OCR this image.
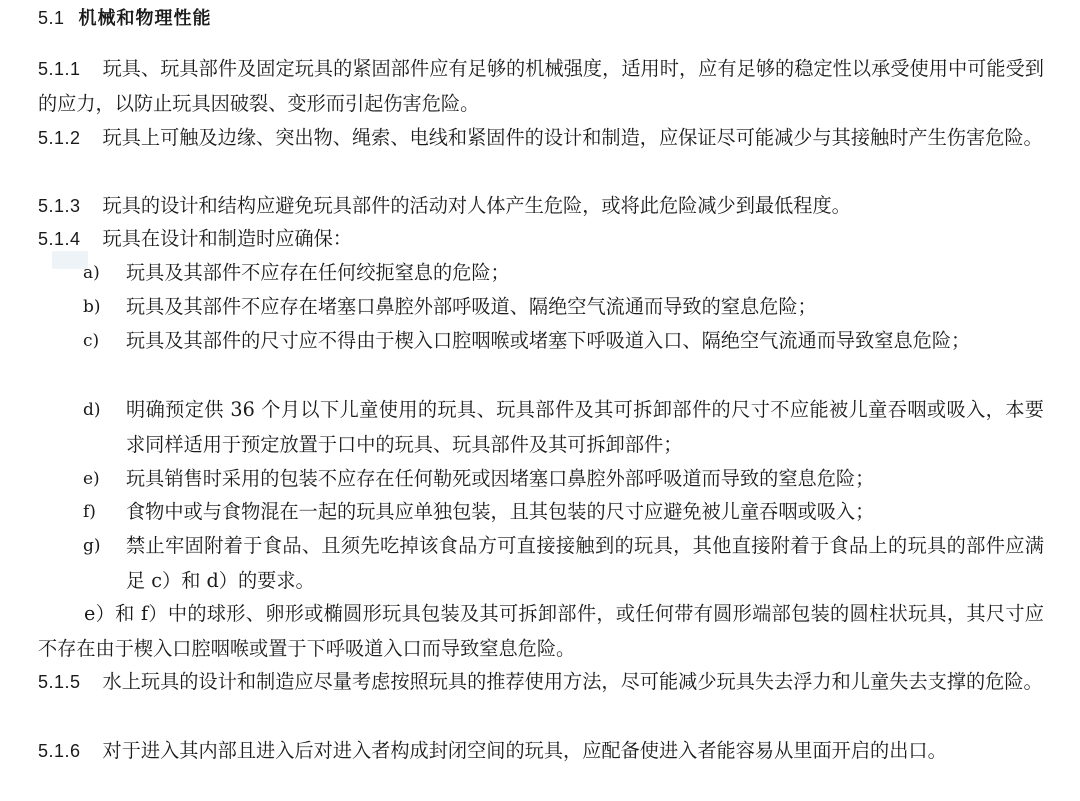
5.1 机械和物理性能
5.1.1 玩具、玩具部件及固定玩具的紧固部件应有足够的机械强度，适用时，应有足够的稳定性以承受使用中可能受到的应力，以防止玩具因破裂、变形而引起伤害危险。
5.1.2 玩具上可触及边缘、突出物、绳索、电线和紧固件的设计和制造，应保证尽可能减少与其接触时产生伤害危险。
5.1.3 玩具的设计和结构应避免玩具部件的活动对人体产生危险，或将此危险减少到最低程度。
5.1.4 玩具在设计和制造时应确保：
a) 玩具及其部件不应存在任何绞扼窒息的危险；
b) 玩具及其部件不应存在堵塞口鼻腔外部呼吸道、隔绝空气流通而导致的窒息危险；
c) 玩具及其部件的尺寸应不得由于楔入口腔咽喉或堵塞下呼吸道入口、隔绝空气流通而导致窒息危险；
d) 明确预定供 36 个月以下儿童使用的玩具、玩具部件及其可拆卸部件的尺寸不应能被儿童吞咽或吸入，本要求同样适用于预定放置于口中的玩具、玩具部件及其可拆卸部件；
e) 玩具销售时采用的包装不应存在任何勒死或因堵塞口鼻腔外部呼吸道而导致的窒息危险；
f) 食物中或与食物混在一起的玩具应单独包装，且其包装的尺寸应避免被儿童吞咽或吸入；
g) 禁止牢固附着于食品、且须先吃掉该食品方可直接接触到的玩具，其他直接附着于食品上的玩具的部件应满足 c）和 d）的要求。
e）和 f）中的球形、卵形或椭圆形玩具包装及其可拆卸部件，或任何带有圆形端部包装的圆柱状玩具，其尺寸应不存在由于楔入口腔咽喉或置于下呼吸道入口而导致窒息危险。
5.1.5 水上玩具的设计和制造应尽量考虑按照玩具的推荐使用方法，尽可能减少玩具失去浮力和儿童失去支撑的危险。
5.1.6 对于进入其内部且进入后对进入者构成封闭空间的玩具，应配备使进入者能容易从里面开启的出口。
